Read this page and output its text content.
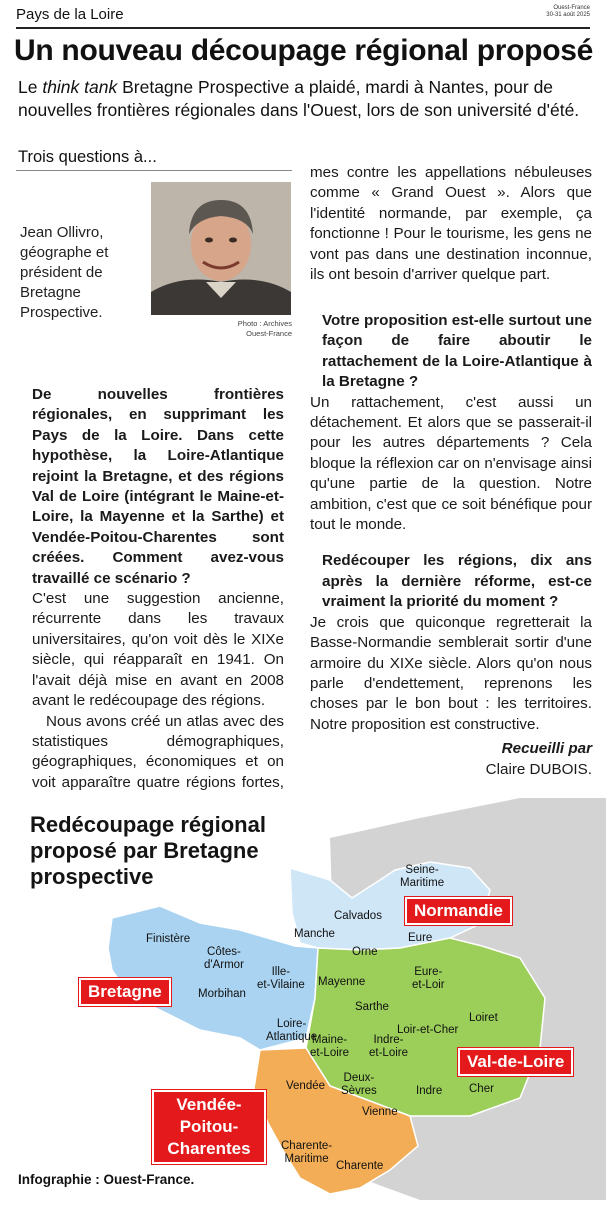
Pays de la Loire	Ouest-France
30-31 août 2025
Un nouveau découpage régional proposé
Le think tank Bretagne Prospective a plaidé, mardi à Nantes, pour de nouvelles frontières régionales dans l'Ouest, lors de son université d'été.
Trois questions à...
Jean Ollivro, géographe et président de Bretagne Prospective.
Photo : Archives
Ouest-France

De nouvelles frontières régionales, en supprimant les Pays de la Loire. Dans cette hypothèse, la Loire-Atlantique rejoint la Bretagne, et des régions Val de Loire (intégrant le Maine-et-Loire, la Mayenne et la Sarthe) et Vendée-Poitou-Charentes sont créées. Comment avez-vous travaillé ce scénario ?

C'est une suggestion ancienne, récurrente dans les travaux universitaires, qu'on voit dès le XIXe siècle, qui réapparaît en 1941. On l'avait déjà mise en avant en 2008 avant le redécoupage des régions.

Nous avons créé un atlas avec des statistiques démographiques, géographiques, économiques et on voit apparaître quatre régions fortes,

mes contre les appellations nébuleuses comme « Grand Ouest ». Alors que l'identité normande, par exemple, ça fonctionne ! Pour le tourisme, les gens ne vont pas dans une destination inconnue, ils ont besoin d'arriver quelque part.

Votre proposition est-elle surtout une façon de faire aboutir le rattachement de la Loire-Atlantique à la Bretagne ?

Un rattachement, c'est aussi un détachement. Et alors que se passerait-il pour les autres départements ? Cela bloque la réflexion car on n'envisage ainsi qu'une partie de la question. Notre ambition, c'est que ce soit bénéfique pour tout le monde.

Redécouper les régions, dix ans après la dernière réforme, est-ce vraiment la priorité du moment ?

Je crois que quiconque regretterait la Basse-Normandie semblerait sortir d'une armoire du XIXe siècle. Alors qu'on nous parle d'endettement, reprenons les choses par le bon bout : les territoires. Notre proposition est constructive.

Recueilli par

Claire DUBOIS.

Redécoupage régional proposé par Bretagne prospective
Bretagne
Normandie
Val-de-Loire
Vendée-
Poitou-
Charentes
Finistère
Côtes-
d'Armor
Morbihan
Ille-
et-Vilaine
Loire-
Atlantique
Manche
Calvados
Orne
Eure
Seine-
Maritime
Mayenne
Sarthe
Maine-
et-Loire
Indre-
et-Loire
Eure-
et-Loir
Loiret
Loir-et-Cher
Indre Cher
Vendée
Deux-
Sèvres
Vienne
Charente-
Maritime
Charente
Infographie : Ouest-France.
